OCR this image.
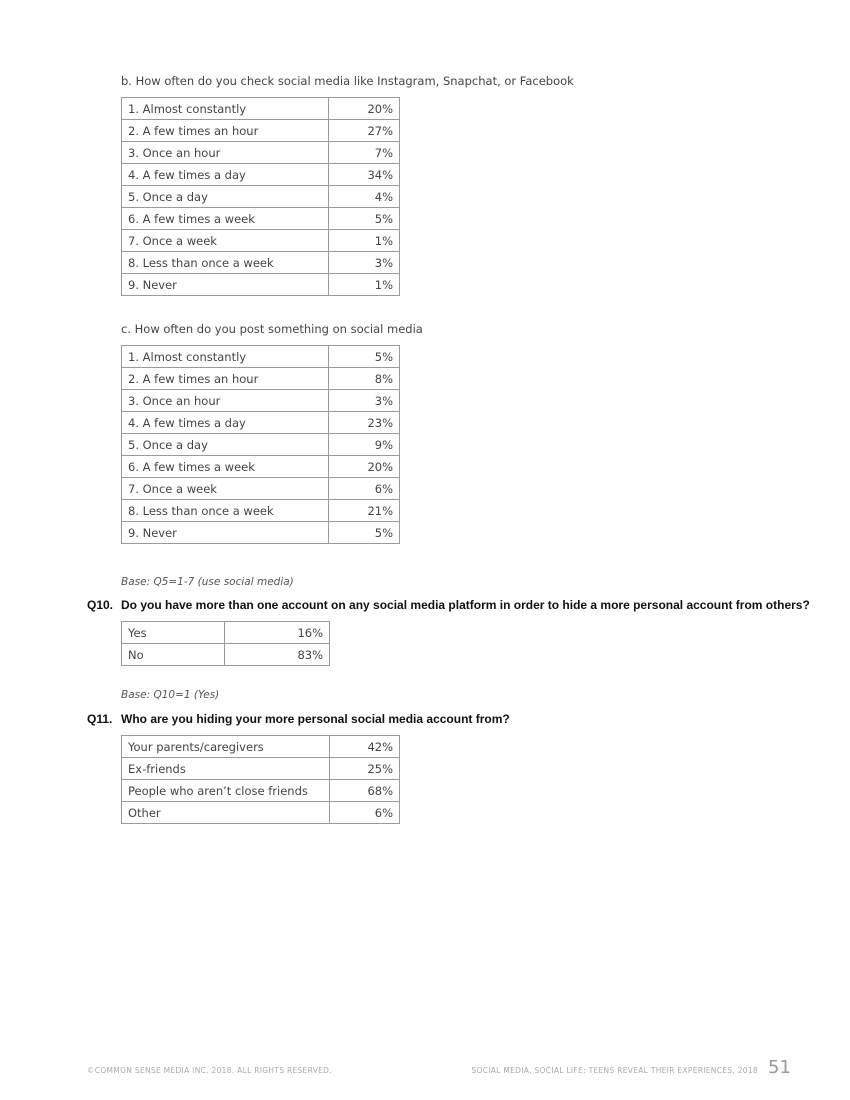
b. How often do you check social media like Instagram, Snapchat, or Facebook
1. Almost constantly	20%
2. A few times an hour	27%
3. Once an hour	7%
4. A few times a day	34%
5. Once a day	4%
6. A few times a week	5%
7. Once a week	1%
8. Less than once a week	3%
9. Never	1%
c. How often do you post something on social media
1. Almost constantly	5%
2. A few times an hour	8%
3. Once an hour	3%
4. A few times a day	23%
5. Once a day	9%
6. A few times a week	20%
7. Once a week	6%
8. Less than once a week	21%
9. Never	5%
Base: Q5=1-7 (use social media)
Q10. Do you have more than one account on any social media platform in order to hide a more personal account from others?
Yes	16%
No	83%
Base: Q10=1 (Yes)
Q11. Who are you hiding your more personal social media account from?
Your parents/caregivers	42%
Ex-friends	25%
People who aren’t close friends	68%
Other	6%
©COMMON SENSE MEDIA INC. 2018. ALL RIGHTS RESERVED.	SOCIAL MEDIA, SOCIAL LIFE: TEENS REVEAL THEIR EXPERIENCES, 2018 51
